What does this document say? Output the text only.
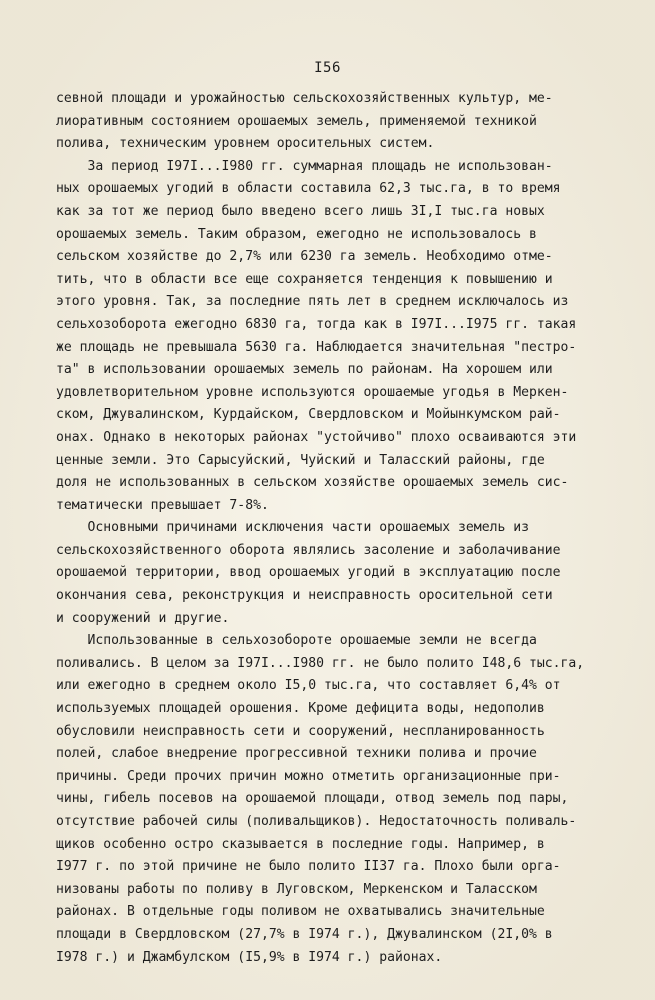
I56
севной площади и урожайностью сельскохозяйственных культур, ме-
лиоративным состоянием орошаемых земель, применяемой техникой
полива, техническим уровнем оросительных систем.
За период I97I...I980 гг. суммарная площадь не использован-
ных орошаемых угодий в области составила 62,3 тыс.га, в то время
как за тот же период было введено всего лишь 3I,I тыс.га новых
орошаемых земель. Таким образом, ежегодно не использовалось в
сельском хозяйстве до 2,7% или 6230 га земель. Необходимо отме-
тить, что в области все еще сохраняется тенденция к повышению и
этого уровня. Так, за последние пять лет в среднем исключалось из
сельхозоборота ежегодно 6830 га, тогда как в I97I...I975 гг. такая
же площадь не превышала 5630 га. Наблюдается значительная "пестро-
та" в использовании орошаемых земель по районам. На хорошем или
удовлетворительном уровне используются орошаемые угодья в Меркен-
ском, Джувалинском, Курдайском, Свердловском и Мойынкумском рай-
онах. Однако в некоторых районах "устойчиво" плохо осваиваются эти
ценные земли. Это Сарысуйский, Чуйский и Таласский районы, где
доля не использованных в сельском хозяйстве орошаемых земель сис-
тематически превышает 7-8%.
Основными причинами исключения части орошаемых земель из
сельскохозяйственного оборота являлись засоление и заболачивание
орошаемой территории, ввод орошаемых угодий в эксплуатацию после
окончания сева, реконструкция и неисправность оросительной сети
и сооружений и другие.
Использованные в сельхозобороте орошаемые земли не всегда
поливались. В целом за I97I...I980 гг. не было полито I48,6 тыс.га,
или ежегодно в среднем около I5,0 тыс.га, что составляет 6,4% от
используемых площадей орошения. Кроме дефицита воды, недополив
обусловили неисправность сети и сооружений, неспланированность
полей, слабое внедрение прогрессивной техники полива и прочие
причины. Среди прочих причин можно отметить организационные при-
чины, гибель посевов на орошаемой площади, отвод земель под пары,
отсутствие рабочей силы (поливальщиков). Недостаточность поливаль-
щиков особенно остро сказывается в последние годы. Например, в
I977 г. по этой причине не было полито II37 га. Плохо были орга-
низованы работы по поливу в Луговском, Меркенском и Таласском
районах. В отдельные годы поливом не охватывались значительные
площади в Свердловском (27,7% в I974 г.), Джувалинском (2I,0% в
I978 г.) и Джамбулском (I5,9% в I974 г.) районах.
